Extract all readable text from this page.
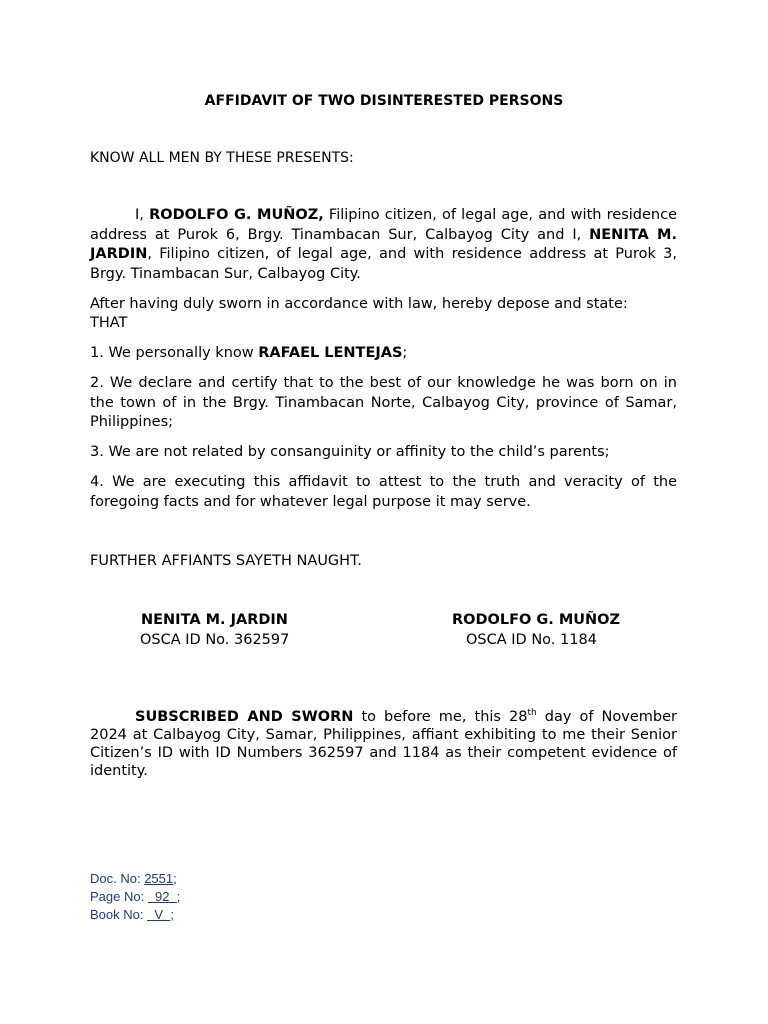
AFFIDAVIT OF TWO DISINTERESTED PERSONS
KNOW ALL MEN BY THESE PRESENTS:

I, RODOLFO G. MUÑOZ, Filipino citizen, of legal age, and with residence address at Purok 6, Brgy. Tinambacan Sur, Calbayog City and I, NENITA M. JARDIN, Filipino citizen, of legal age, and with residence address at Purok 3, Brgy. Tinambacan Sur, Calbayog City.

After having duly sworn in accordance with law, hereby depose and state:
THAT
1. We personally know RAFAEL LENTEJAS;

2. We declare and certify that to the best of our knowledge he was born on in the town of in the Brgy. Tinambacan Norte, Calbayog City, province of Samar, Philippines;

3. We are not related by consanguinity or affinity to the child’s parents;

4. We are executing this affidavit to attest to the truth and veracity of the foregoing facts and for whatever legal purpose it may serve.

FURTHER AFFIANTS SAYETH NAUGHT.
NENITA M. JARDIN
OSCA ID No. 362597
RODOLFO G. MUÑOZ
OSCA ID No. 1184

SUBSCRIBED AND SWORN to before me, this 28th day of November 2024 at Calbayog City, Samar, Philippines, affiant exhibiting to me their Senior Citizen’s ID with ID Numbers 362597 and 1184 as their competent evidence of identity.

Doc. No: 2551;
Page No:   92  ;
Book No:   V  ;
